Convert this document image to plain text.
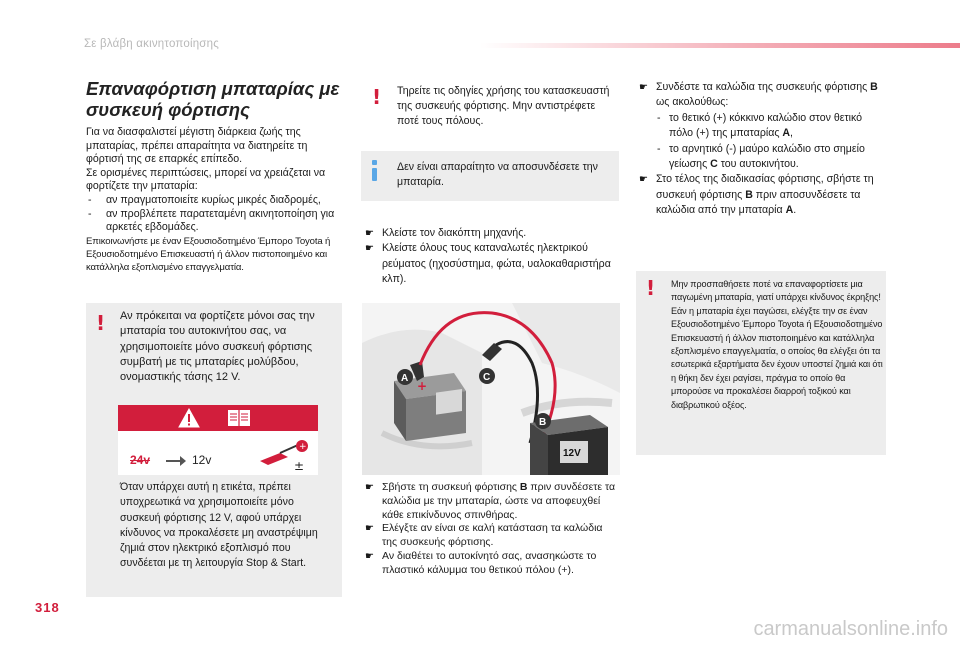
Σε βλάβη ακινητοποίησης
Επαναφόρτιση μπαταρίας με συσκευή φόρτισης
Για να διασφαλιστεί μέγιστη διάρκεια ζωής της μπαταρίας, πρέπει απαραίτητα να διατηρείτε τη φόρτισή της σε επαρκές επίπεδο.
Σε ορισμένες περιπτώσεις, μπορεί να χρειάζεται να φορτίζετε την μπαταρία:
- αν πραγματοποιείτε κυρίως μικρές διαδρομές,
- αν προβλέπετε παρατεταμένη ακινητοποίηση για αρκετές εβδομάδες.
Επικοινωνήστε με έναν Εξουσιοδοτημένο Έμπορο Toyota ή Εξουσιοδοτημένο Επισκευαστή ή άλλον πιστοποιημένο και κατάλληλα εξοπλισμένο επαγγελματία.
! Αν πρόκειται να φορτίζετε μόνοι σας την μπαταρία του αυτοκινήτου σας, να χρησιμοποιείτε μόνο συσκευή φόρτισης συμβατή με τις μπαταρίες μολύβδου, ονομαστικής τάσης 12 V.
24v	12v
+
±
Όταν υπάρχει αυτή η ετικέτα, πρέπει υποχρεωτικά να χρησιμοποιείτε μόνο συσκευή φόρτισης 12 V, αφού υπάρχει κίνδυνος να προκαλέσετε μη αναστρέψιμη ζημιά στον ηλεκτρικό εξοπλισμό που συνδέεται με τη λειτουργία Stop & Start.
! Τηρείτε τις οδηγίες χρήσης του κατασκευαστή της συσκευής φόρτισης. Μην αντιστρέφετε ποτέ τους πόλους.
Δεν είναι απαραίτητο να αποσυνδέσετε την μπαταρία.
☛ Κλείστε τον διακόπτη μηχανής.
☛ Κλείστε όλους τους καταναλωτές ηλεκτρικού ρεύματος (ηχοσύστημα, φώτα, υαλοκαθαριστήρα κλπ).
+
12V
A	C
B
☛ Σβήστε τη συσκευή φόρτισης B πριν συνδέσετε τα καλώδια με την μπαταρία, ώστε να αποφευχθεί κάθε επικίνδυνος σπινθήρας.
☛ Ελέγξτε αν είναι σε καλή κατάσταση τα καλώδια της συσκευής φόρτισης.
☛ Αν διαθέτει το αυτοκίνητό σας, ανασηκώστε το πλαστικό κάλυμμα του θετικού πόλου (+).
☛ Συνδέστε τα καλώδια της συσκευής φόρτισης B ως ακολούθως:
- το θετικό (+) κόκκινο καλώδιο στον θετικό πόλο (+) της μπαταρίας A,
- το αρνητικό (-) μαύρο καλώδιο στο σημείο γείωσης C του αυτοκινήτου.
☛ Στο τέλος της διαδικασίας φόρτισης, σβήστε τη συσκευή φόρτισης B πριν αποσυνδέσετε τα καλώδια από την μπαταρία A.
! Μην προσπαθήσετε ποτέ να επαναφορτίσετε μια παγωμένη μπαταρία, γιατί υπάρχει κίνδυνος έκρηξης!
Εάν η μπαταρία έχει παγώσει, ελέγξτε την σε έναν Εξουσιοδοτημένο Έμπορο Toyota ή Εξουσιοδοτημένο Επισκευαστή ή άλλον πιστοποιημένο και κατάλληλα εξοπλισμένο επαγγελματία, ο οποίος θα ελέγξει ότι τα εσωτερικά εξαρτήματα δεν έχουν υποστεί ζημιά και ότι η θήκη δεν έχει ραγίσει, πράγμα το οποίο θα μπορούσε να προκαλέσει διαρροή τοξικού και διαβρωτικού οξέος.
318
carmanualsonline.info
